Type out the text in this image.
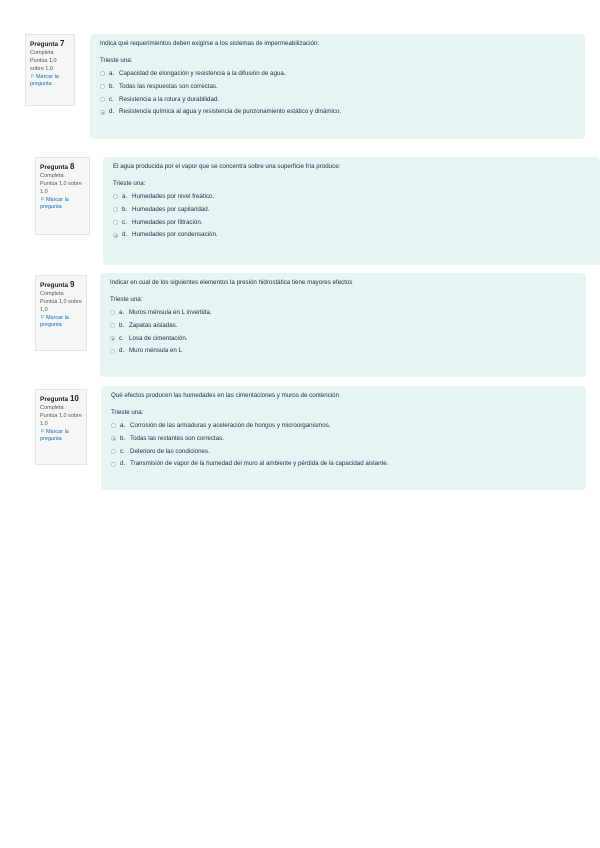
Pregunta 7
Completa
Puntúa 1,0 sobre 1,0
⚐Marcar la pregunta
Indica qué requerimientos deben exigirse a los sistemas de impermeabilización:
Trieste una:
a. Capacidad de elongación y resistencia a la difusión de agua.
b. Todas las respuestas son correctas.
c. Resistencia a la rotura y durabilidad.
d. Resistencia química al agua y resistencia de punzonamiento estático y dinámico.
Pregunta 8
Completa
Puntúa 1,0 sobre 1,0
⚐Marcar la pregunta
El agua producida por el vapor que se concentra sobre una superficie fría produce:
Trieste una:
a. Humedades por nivel freático.
b. Humedades por capilaridad.
c. Humedades por filtración.
d. Humedades por condensación.
Pregunta 9
Completa
Puntúa 1,0 sobre 1,0
⚐Marcar la pregunta
Indicar en cual de los siguientes elementos la presión hidrostática tiene mayores efectos
Trieste una:
a. Muros ménsula en L invertida.
b. Zapatas aisladas.
c. Losa de cimentación.
d. Muro ménsula en L
Pregunta 10
Completa
Puntúa 1,0 sobre 1,0
⚐Marcar la pregunta
Qué efectos producen las humedades en las cimentaciones y muros de contención
Trieste una:
a. Corrosión de las armaduras y aceleración de hongos y microorganismos.
b. Todas las restantes son correctas.
c. Deterioro de las condiciones.
d. Transmisión de vapor de la humedad del muro al ambiente y pérdida de la capacidad aislante.
